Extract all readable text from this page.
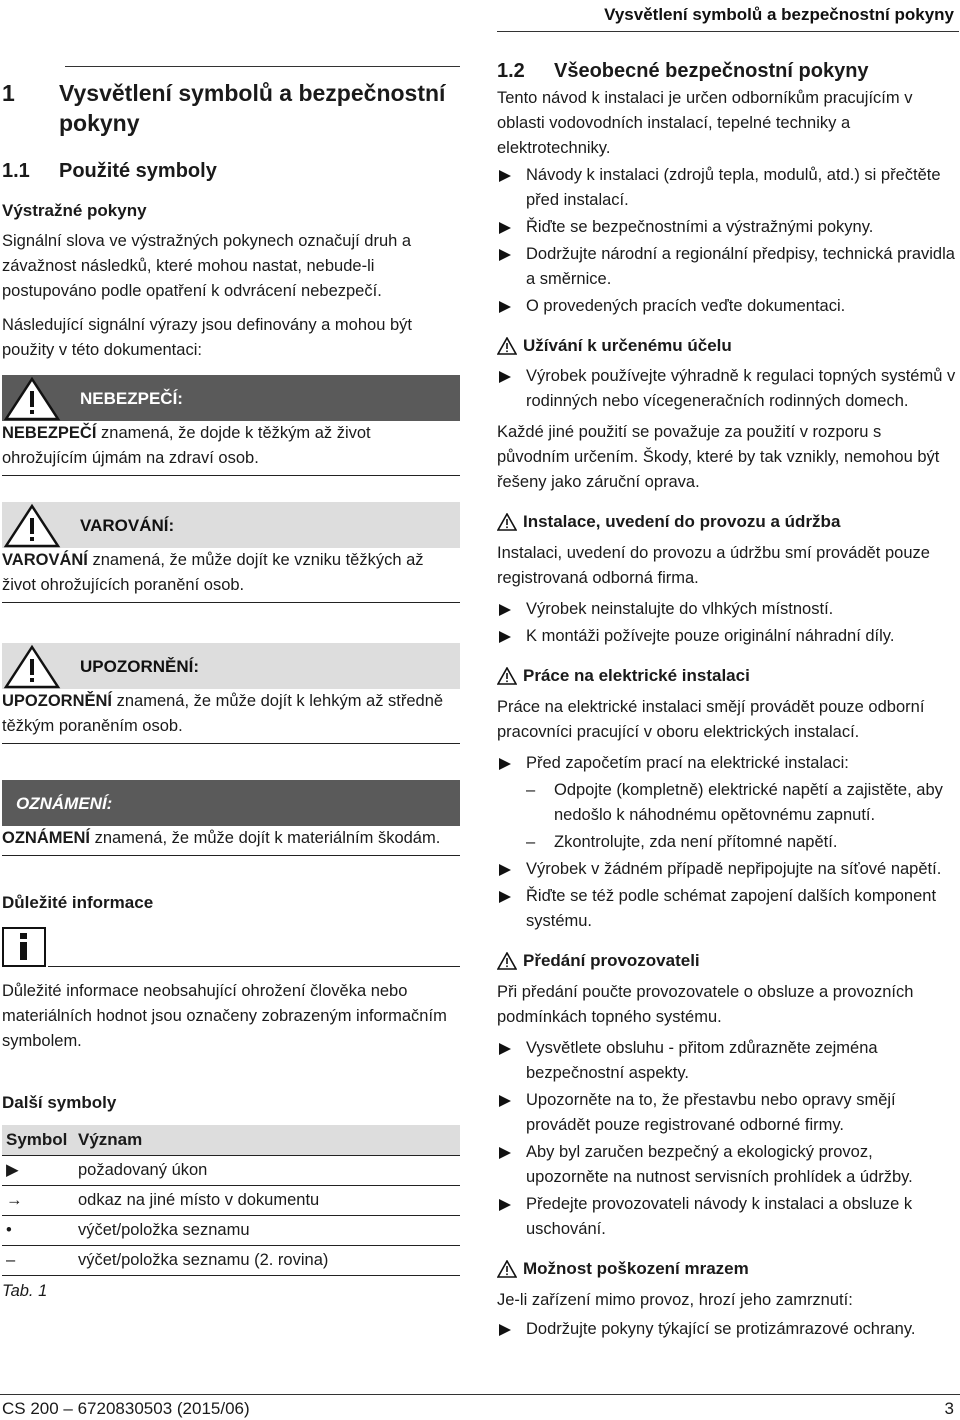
Vysvětlení symbolů a bezpečnostní pokyny
1	Vysvětlení symbolů a bezpečnostní pokyny
1.1	Použité symboly
Výstražné pokyny

Signální slova ve výstražných pokynech označují druh a závažnost následků, které mohou nastat, nebude-li postupováno podle opatření k odvrácení nebezpečí.

Následující signální výrazy jsou definovány a mohou být použity v této dokumentaci:

NEBEZPEČÍ:
NEBEZPEČÍ znamená, že dojde k těžkým až život ohrožujícím újmám na zdraví osob.
VAROVÁNÍ:
VAROVÁNÍ znamená, že může dojít ke vzniku těžkých až život ohrožujících poranění osob.
UPOZORNĚNÍ:
UPOZORNĚNÍ znamená, že může dojít k lehkým až středně těžkým poraněním osob.
OZNÁMENÍ:
OZNÁMENÍ znamená, že může dojít k materiálním škodám.
Důležité informace

Důležité informace neobsahující ohrožení člověka nebo materiálních hodnot jsou označeny zobrazeným informačním symbolem.

Další symboly
Symbol	Význam
▶	požadovaný úkon
→	odkaz na jiné místo v dokumentu
•	výčet/položka seznamu
–	výčet/položka seznamu (2. rovina)
Tab. 1
1.2	Všeobecné bezpečnostní pokyny

Tento návod k instalaci je určen odborníkům pracujícím v oblasti vodovodních instalací, tepelné techniky a elektrotechniky.

Návody k instalaci (zdrojů tepla, modulů, atd.) si přečtěte před instalací.
Řiďte se bezpečnostními a výstražnými pokyny.
Dodržujte národní a regionální předpisy, technická pravidla a směrnice.
O provedených pracích veďte dokumentaci.
Užívání k určenému účelu
Výrobek používejte výhradně k regulaci topných systémů v rodinných nebo vícegeneračních rodinných domech.

Každé jiné použití se považuje za použití v rozporu s původním určením. Škody, které by tak vznikly, nemohou být řešeny jako záruční oprava.

Instalace, uvedení do provozu a údržba

Instalaci, uvedení do provozu a údržbu smí provádět pouze registrovaná odborná firma.

Výrobek neinstalujte do vlhkých místností.
K montáži požívejte pouze originální náhradní díly.
Práce na elektrické instalaci

Práce na elektrické instalaci smějí provádět pouze odborní pracovníci pracující v oboru elektrických instalací.

Před započetím prací na elektrické instalaci:
–	Odpojte (kompletně) elektrické napětí a zajistěte, aby nedošlo k náhodnému opětovnému zapnutí.
–	Zkontrolujte, zda není přítomné napětí.
Výrobek v žádném případě nepřipojujte na síťové napětí.
Řiďte se též podle schémat zapojení dalších komponent systému.
Předání provozovateli

Při předání poučte provozovatele o obsluze a provozních podmínkách topného systému.

Vysvětlete obsluhu - přitom zdůrazněte zejména bezpečnostní aspekty.
Upozorněte na to, že přestavbu nebo opravy smějí provádět pouze registrované odborné firmy.
Aby byl zaručen bezpečný a ekologický provoz, upozorněte na nutnost servisních prohlídek a údržby.
Předejte provozovateli návody k instalaci a obsluze k uschování.
Možnost poškození mrazem

Je-li zařízení mimo provoz, hrozí jeho zamrznutí:

Dodržujte pokyny týkající se protizámrazové ochrany.
CS 200 – 6720830503 (2015/06)	3
